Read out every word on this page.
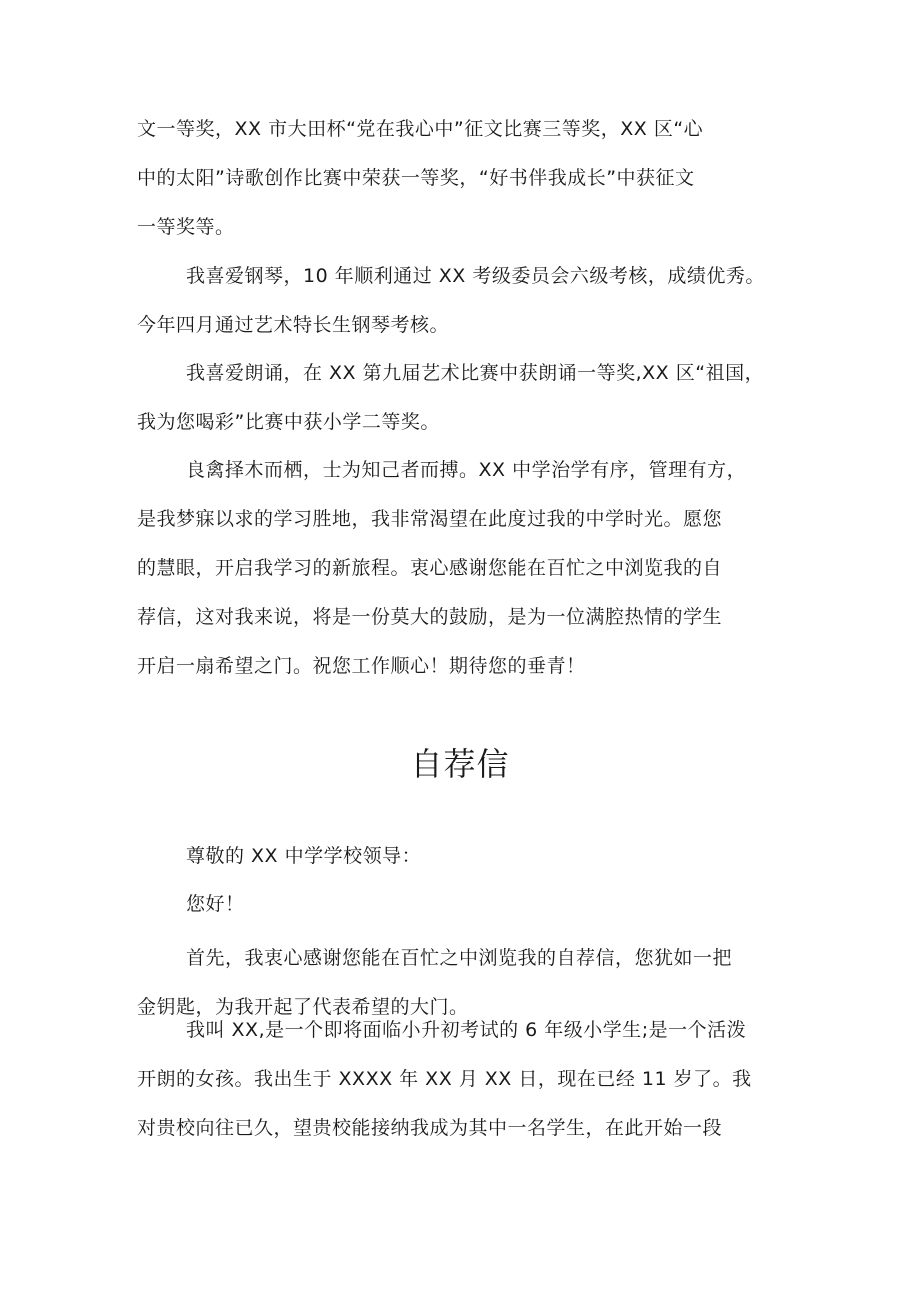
文一等奖，XX 市大田杯“党在我心中”征文比赛三等奖，XX 区“心
中的太阳”诗歌创作比赛中荣获一等奖，“好书伴我成长”中获征文
一等奖等。
我喜爱钢琴，10 年顺利通过 XX 考级委员会六级考核，成绩优秀。
今年四月通过艺术特长生钢琴考核。
我喜爱朗诵，在 XX 第九届艺术比赛中获朗诵一等奖,XX 区“祖国，
我为您喝彩”比赛中获小学二等奖。
良禽择木而栖，士为知己者而搏。XX 中学治学有序，管理有方，
是我梦寐以求的学习胜地，我非常渴望在此度过我的中学时光。愿您
的慧眼，开启我学习的新旅程。衷心感谢您能在百忙之中浏览我的自
荐信，这对我来说，将是一份莫大的鼓励，是为一位满腔热情的学生
开启一扇希望之门。祝您工作顺心！期待您的垂青！
自荐信
尊敬的 XX 中学学校领导：
您好！
首先，我衷心感谢您能在百忙之中浏览我的自荐信，您犹如一把
金钥匙，为我开起了代表希望的大门。
我叫 XX,是一个即将面临小升初考试的 6 年级小学生;是一个活泼
开朗的女孩。我出生于 XXXX 年 XX 月 XX 日，现在已经 11 岁了。我
对贵校向往已久，望贵校能接纳我成为其中一名学生，在此开始一段
